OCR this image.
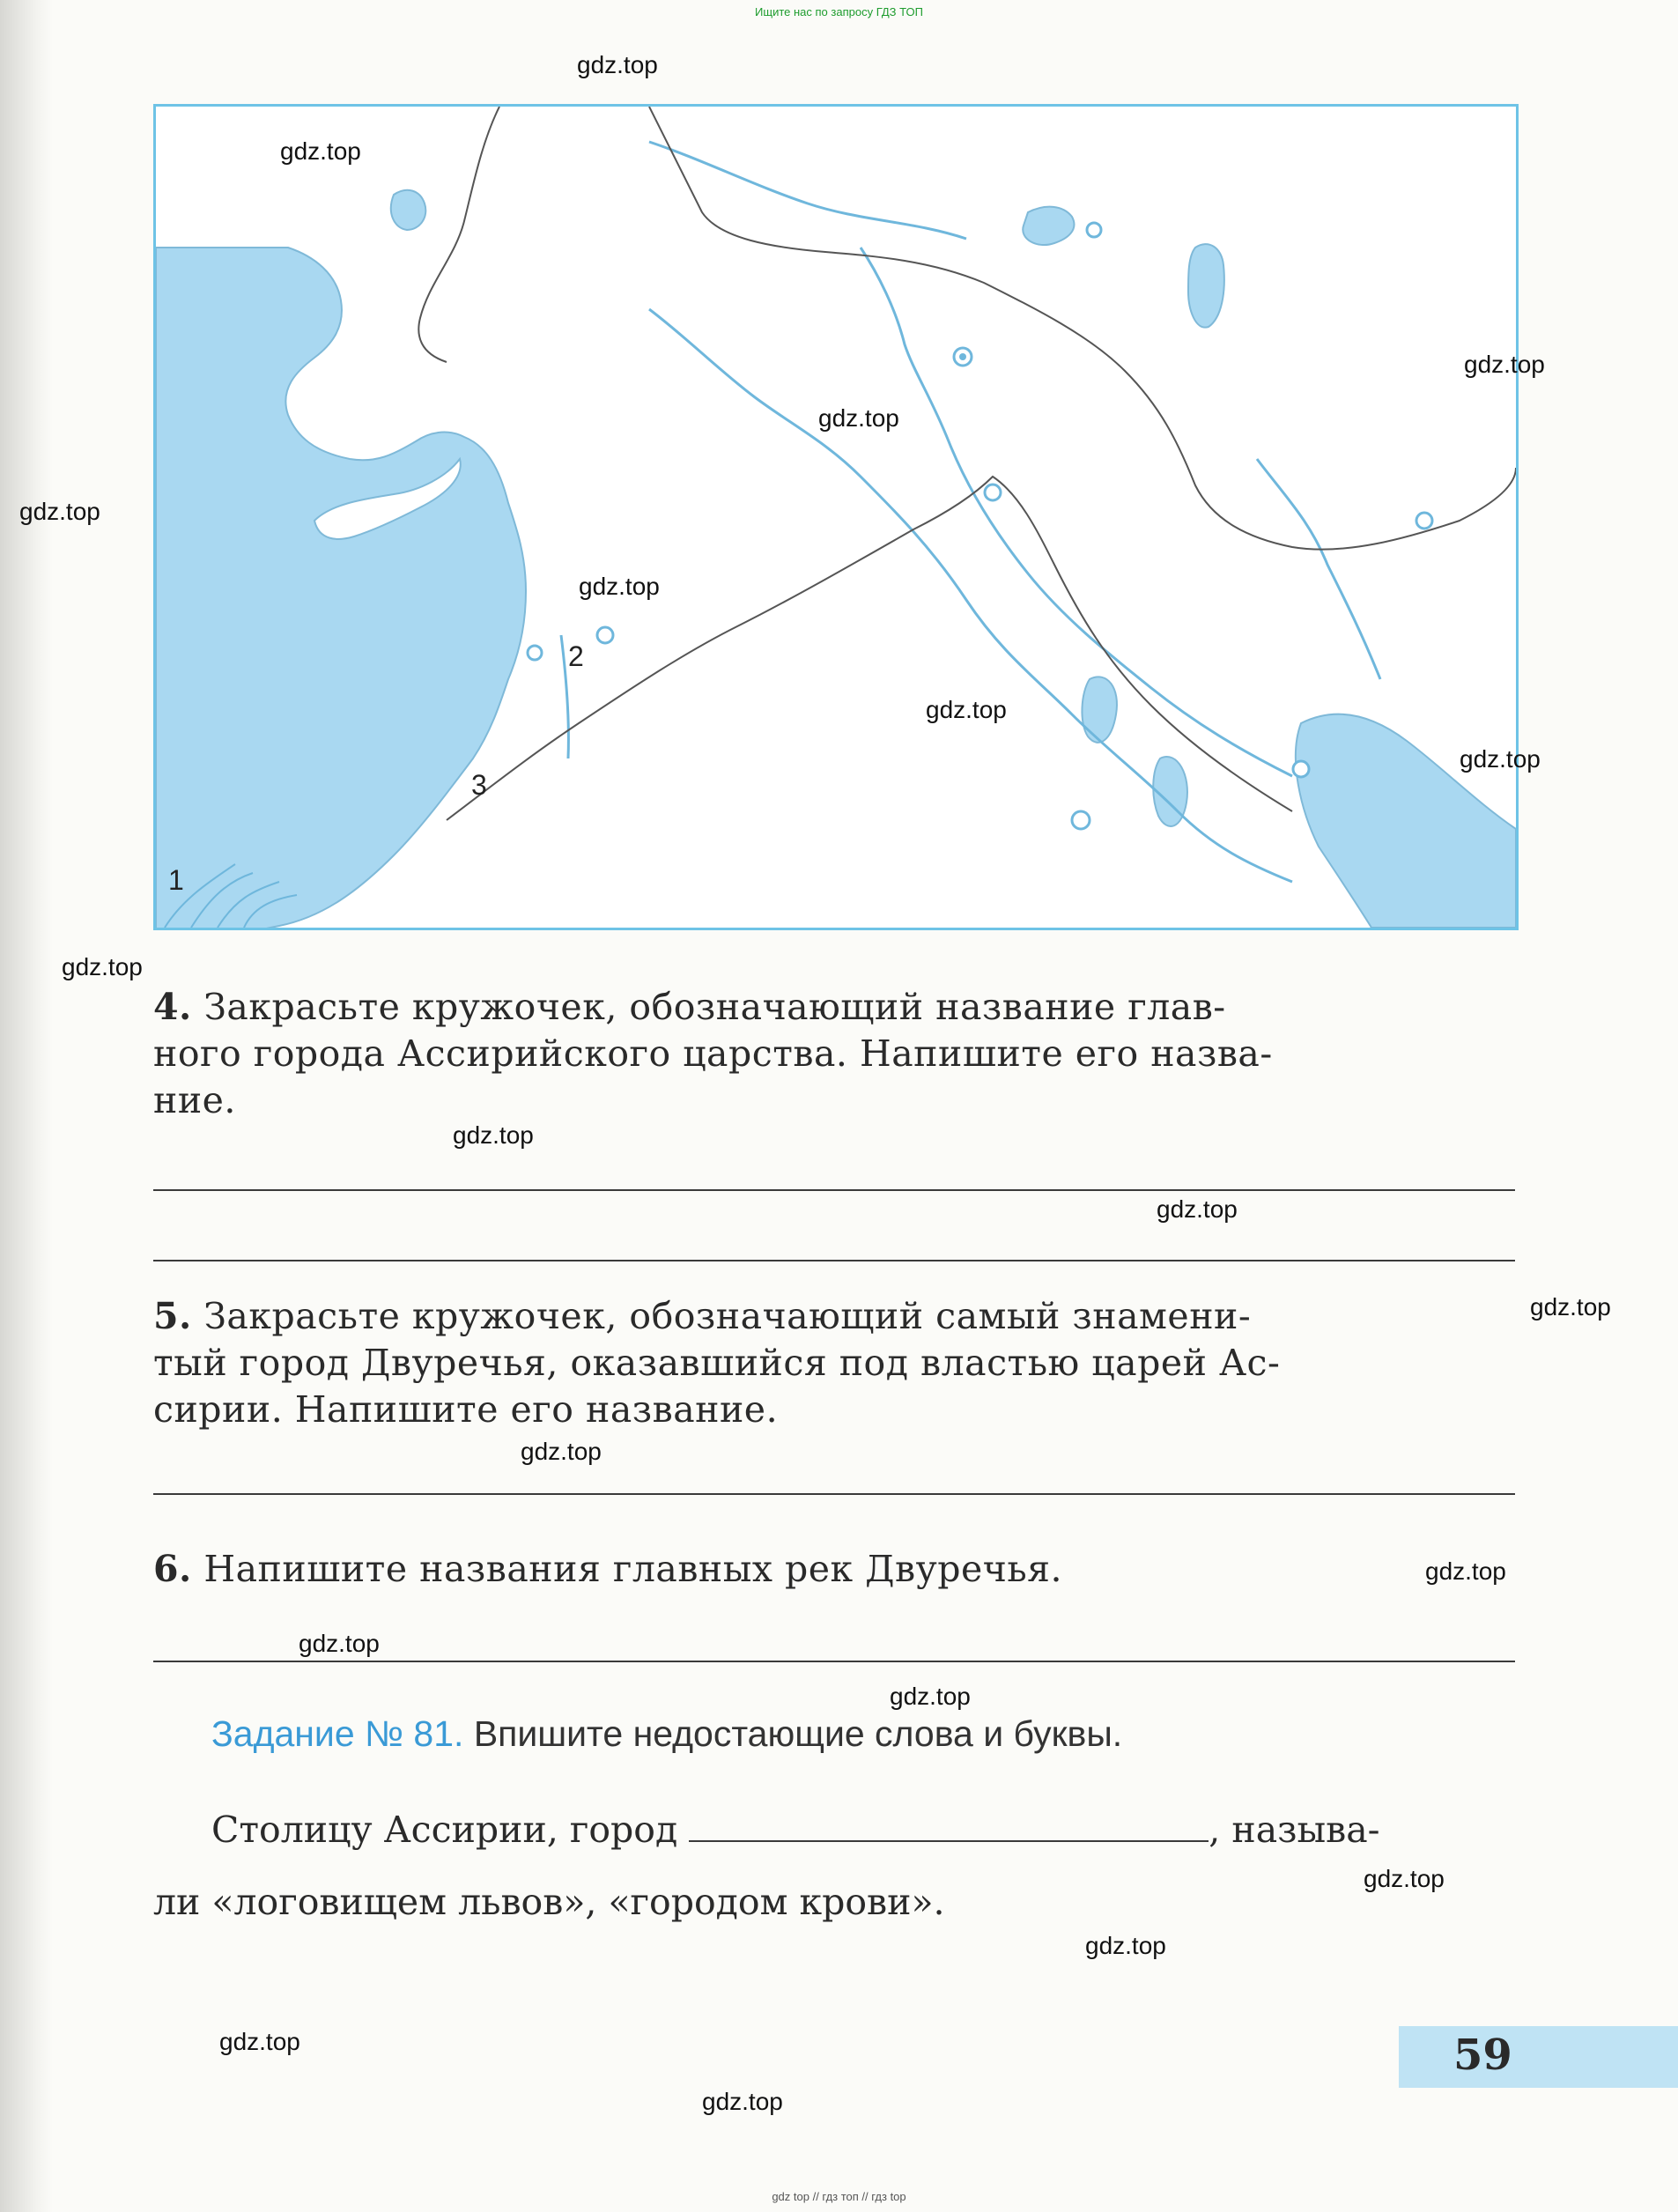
Ищите нас по запросу ГДЗ ТОП
1
2
3
4. Закрасьте кружочек, обозначающий название глав-
ного города Ассирийского царства. Напишите его назва-
ние.
5. Закрасьте кружочек, обозначающий самый знамени-
тый город Двуречья, оказавшийся под властью царей Ас-
сирии. Напишите его название.
6. Напишите названия главных рек Двуречья.
Задание № 81. Впишите недостающие слова и буквы.
Столицу Ассирии, город	, называ-
ли «логовищем львов», «городом крови».
59
gdz.top
gdz.top
gdz.top
gdz.top
gdz.top
gdz.top
gdz.top
gdz.top
gdz.top
gdz.top
gdz.top
gdz.top
gdz.top
gdz.top
gdz.top
gdz.top
gdz.top
gdz.top
gdz.top
gdz.top
gdz top // гдз топ // гдз top
